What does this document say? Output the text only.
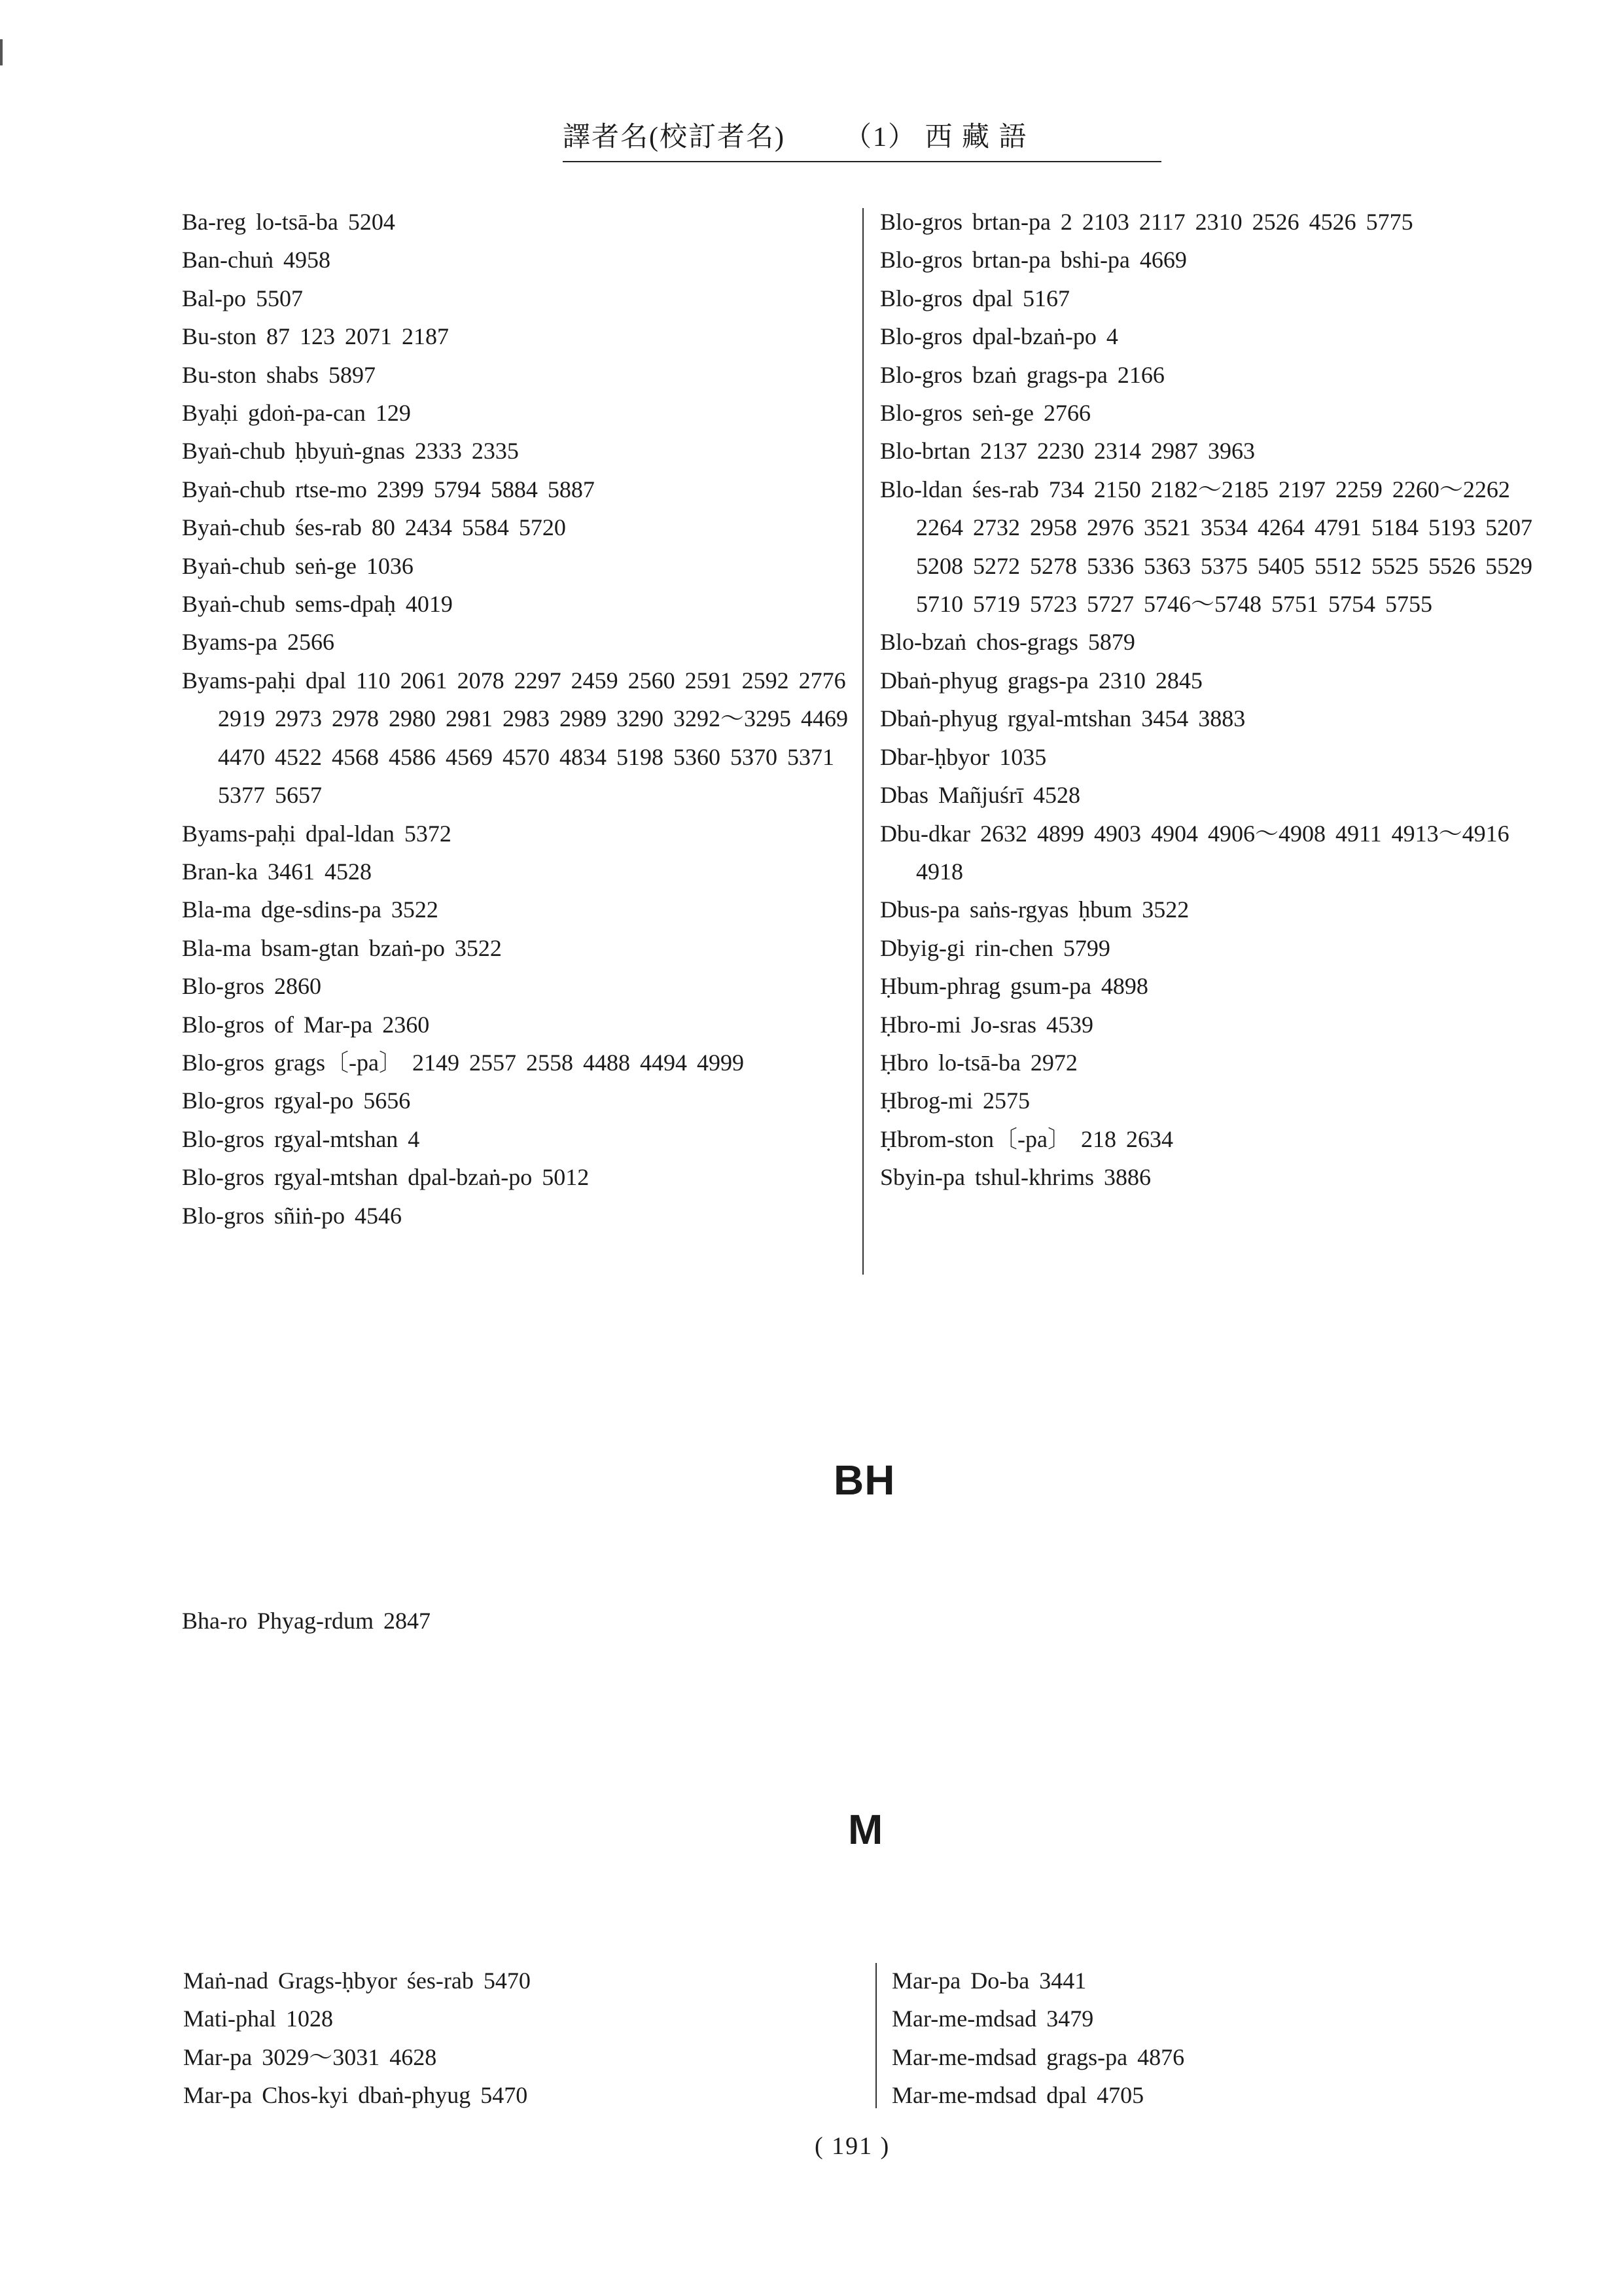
譯者名(校訂者名) （1） 西 藏 語
Ba-reg lo-tsā-ba 5204
Ban-chuṅ 4958
Bal-po 5507
Bu-ston 87 123 2071 2187
Bu-ston shabs 5897
Byaḥi gdoṅ-pa-can 129
Byaṅ-chub ḥbyuṅ-gnas 2333 2335
Byaṅ-chub rtse-mo 2399 5794 5884 5887
Byaṅ-chub śes-rab 80 2434 5584 5720
Byaṅ-chub seṅ-ge 1036
Byaṅ-chub sems-dpaḥ 4019
Byams-pa 2566
Byams-paḥi dpal 110 2061 2078 2297 2459 2560 2591 2592 2776 2919 2973 2978 2980 2981 2983 2989 3290 3292～3295 4469 4470 4522 4568 4586 4569 4570 4834 5198 5360 5370 5371 5377 5657
Byams-paḥi dpal-ldan 5372
Bran-ka 3461 4528
Bla-ma dge-sdins-pa 3522
Bla-ma bsam-gtan bzaṅ-po 3522
Blo-gros 2860
Blo-gros of Mar-pa 2360
Blo-gros grags〔-pa〕 2149 2557 2558 4488 4494 4999
Blo-gros rgyal-po 5656
Blo-gros rgyal-mtshan 4
Blo-gros rgyal-mtshan dpal-bzaṅ-po 5012
Blo-gros sñiṅ-po 4546
Blo-gros brtan-pa 2 2103 2117 2310 2526 4526 5775
Blo-gros brtan-pa bshi-pa 4669
Blo-gros dpal 5167
Blo-gros dpal-bzaṅ-po 4
Blo-gros bzaṅ grags-pa 2166
Blo-gros seṅ-ge 2766
Blo-brtan 2137 2230 2314 2987 3963
Blo-ldan śes-rab 734 2150 2182～2185 2197 2259 2260～2262 2264 2732 2958 2976 3521 3534 4264 4791 5184 5193 5207 5208 5272 5278 5336 5363 5375 5405 5512 5525 5526 5529 5710 5719 5723 5727 5746～5748 5751 5754 5755
Blo-bzaṅ chos-grags 5879
Dbaṅ-phyug grags-pa 2310 2845
Dbaṅ-phyug rgyal-mtshan 3454 3883
Dbar-ḥbyor 1035
Dbas Mañjuśrī 4528
Dbu-dkar 2632 4899 4903 4904 4906～4908 4911 4913～4916 4918
Dbus-pa saṅs-rgyas ḥbum 3522
Dbyig-gi rin-chen 5799
Ḥbum-phrag gsum-pa 4898
Ḥbro-mi Jo-sras 4539
Ḥbro lo-tsā-ba 2972
Ḥbrog-mi 2575
Ḥbrom-ston〔-pa〕 218 2634
Sbyin-pa tshul-khrims 3886
BH
Bha-ro Phyag-rdum 2847
M
Maṅ-nad Grags-ḥbyor śes-rab 5470
Mati-phal 1028
Mar-pa 3029～3031 4628
Mar-pa Chos-kyi dbaṅ-phyug 5470
Mar-pa Do-ba 3441
Mar-me-mdsad 3479
Mar-me-mdsad grags-pa 4876
Mar-me-mdsad dpal 4705
( 191 )
